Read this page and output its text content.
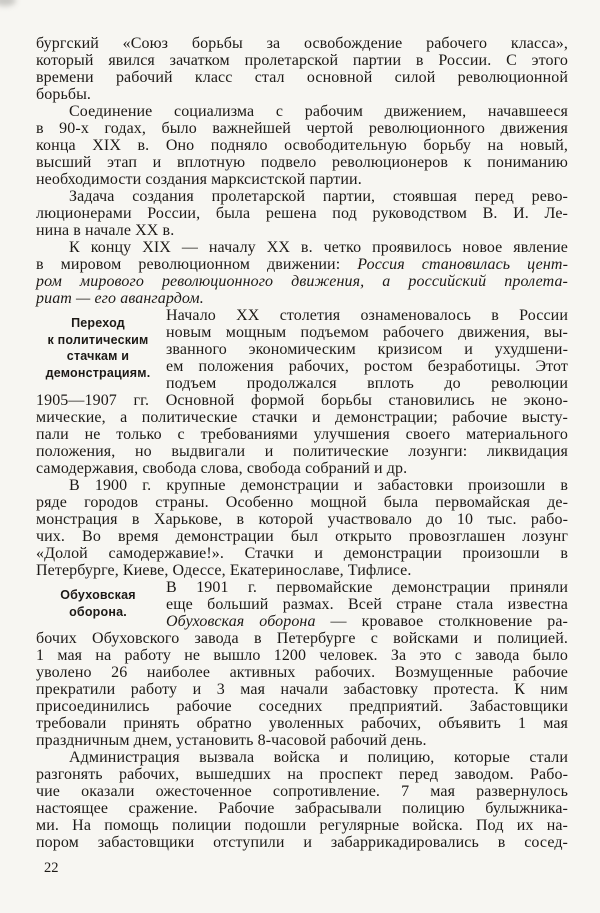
бургский «Союз борьбы за освобождение рабочего класса»,
который явился зачатком пролетарской партии в России. С этого
времени рабочий класс стал основной силой революционной
борьбы.
Соединение социализма с рабочим движением, начавшееся
в 90-х годах, было важнейшей чертой революционного движения
конца XIX в. Оно подняло освободительную борьбу на новый,
высший этап и вплотную подвело революционеров к пониманию
необходимости создания марксистской партии.
Задача создания пролетарской партии, стоявшая перед рево-
люционерами России, была решена под руководством В. И. Ле-
нина в начале XX в.
К концу XIX — началу XX в. четко проявилось новое явление
в мировом революционном движении: Россия становилась цент-
ром мирового революционного движения, а российский пролета-
риат — его авангардом.
Переход
к политическим
стачкам и
демонстрациям.
Начало XX столетия ознаменовалось в России
новым мощным подъемом рабочего движения, вы-
званного экономическим кризисом и ухудшени-
ем положения рабочих, ростом безработицы. Этот
подъем продолжался вплоть до революции
1905—1907 гг. Основной формой борьбы становились не эконо-
мические, а политические стачки и демонстрации; рабочие высту-
пали не только с требованиями улучшения своего материального
положения, но выдвигали и политические лозунги: ликвидация
самодержавия, свобода слова, свобода собраний и др.
В 1900 г. крупные демонстрации и забастовки произошли в
ряде городов страны. Особенно мощной была первомайская де-
монстрация в Харькове, в которой участвовало до 10 тыс. рабо-
чих. Во время демонстрации был открыто провозглашен лозунг
«Долой самодержавие!». Стачки и демонстрации произошли в
Петербурге, Киеве, Одессе, Екатеринославе, Тифлисе.
Обуховская
оборона.
В 1901 г. первомайские демонстрации приняли
еще больший размах. Всей стране стала известна
Обуховская оборона — кровавое столкновение ра-
бочих Обуховского завода в Петербурге с войсками и полицией.
1 мая на работу не вышло 1200 человек. За это с завода было
уволено 26 наиболее активных рабочих. Возмущенные рабочие
прекратили работу и 3 мая начали забастовку протеста. К ним
присоединились рабочие соседних предприятий. Забастовщики
требовали принять обратно уволенных рабочих, объявить 1 мая
праздничным днем, установить 8-часовой рабочий день.
Администрация вызвала войска и полицию, которые стали
разгонять рабочих, вышедших на проспект перед заводом. Рабо-
чие оказали ожесточенное сопротивление. 7 мая развернулось
настоящее сражение. Рабочие забрасывали полицию булыжника-
ми. На помощь полиции подошли регулярные войска. Под их на-
пором забастовщики отступили и забаррикадировались в сосед-
22
